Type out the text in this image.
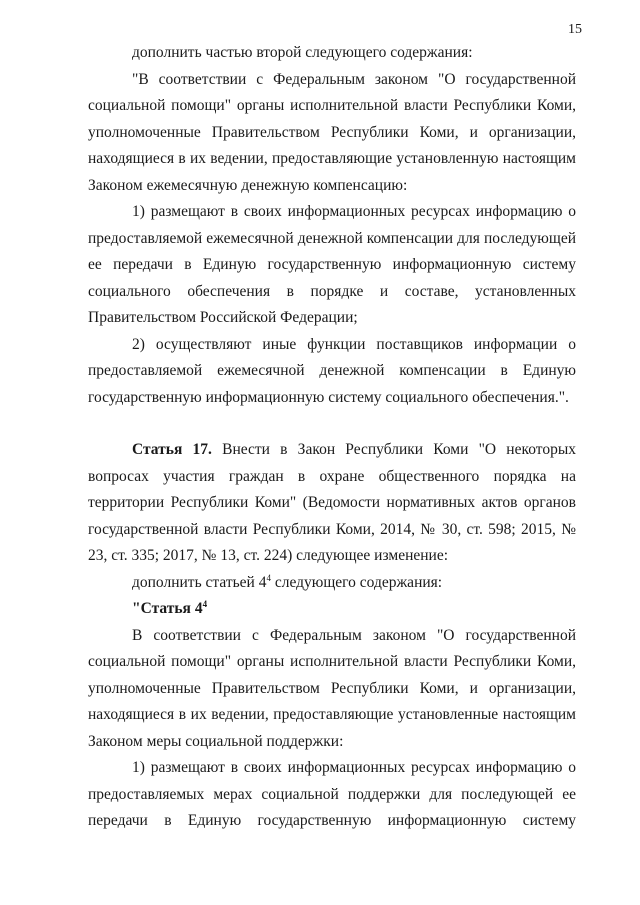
15

дополнить частью второй следующего содержания:

"В соответствии с Федеральным законом "О государственной социальной помощи" органы исполнительной власти Республики Коми, уполномоченные Правительством Республики Коми, и организации, находящиеся в их ведении, предоставляющие установленную настоящим Законом ежемесячную денежную компенсацию:

1) размещают в своих информационных ресурсах информацию о предоставляемой ежемесячной денежной компенсации для последующей ее передачи в Единую государственную информационную систему социального обеспечения в порядке и составе, установленных Правительством Российской Федерации;

2) осуществляют иные функции поставщиков информации о предоставляемой ежемесячной денежной компенсации в Единую государственную информационную систему социального обеспечения.".

Статья 17. Внести в Закон Республики Коми "О некоторых вопросах участия граждан в охране общественного порядка на территории Республики Коми" (Ведомости нормативных актов органов государственной власти Республики Коми, 2014, № 30, ст. 598; 2015, № 23, ст. 335; 2017, № 13, ст. 224) следующее изменение:

дополнить статьей $4^4$ следующего содержания:

"Статья $4^4$

В соответствии с Федеральным законом "О государственной социальной помощи" органы исполнительной власти Республики Коми, уполномоченные Правительством Республики Коми, и организации, находящиеся в их ведении, предоставляющие установленные настоящим Законом меры социальной поддержки:

1) размещают в своих информационных ресурсах информацию о предоставляемых мерах социальной поддержки для последующей ее передачи в Единую государственную информационную систему
